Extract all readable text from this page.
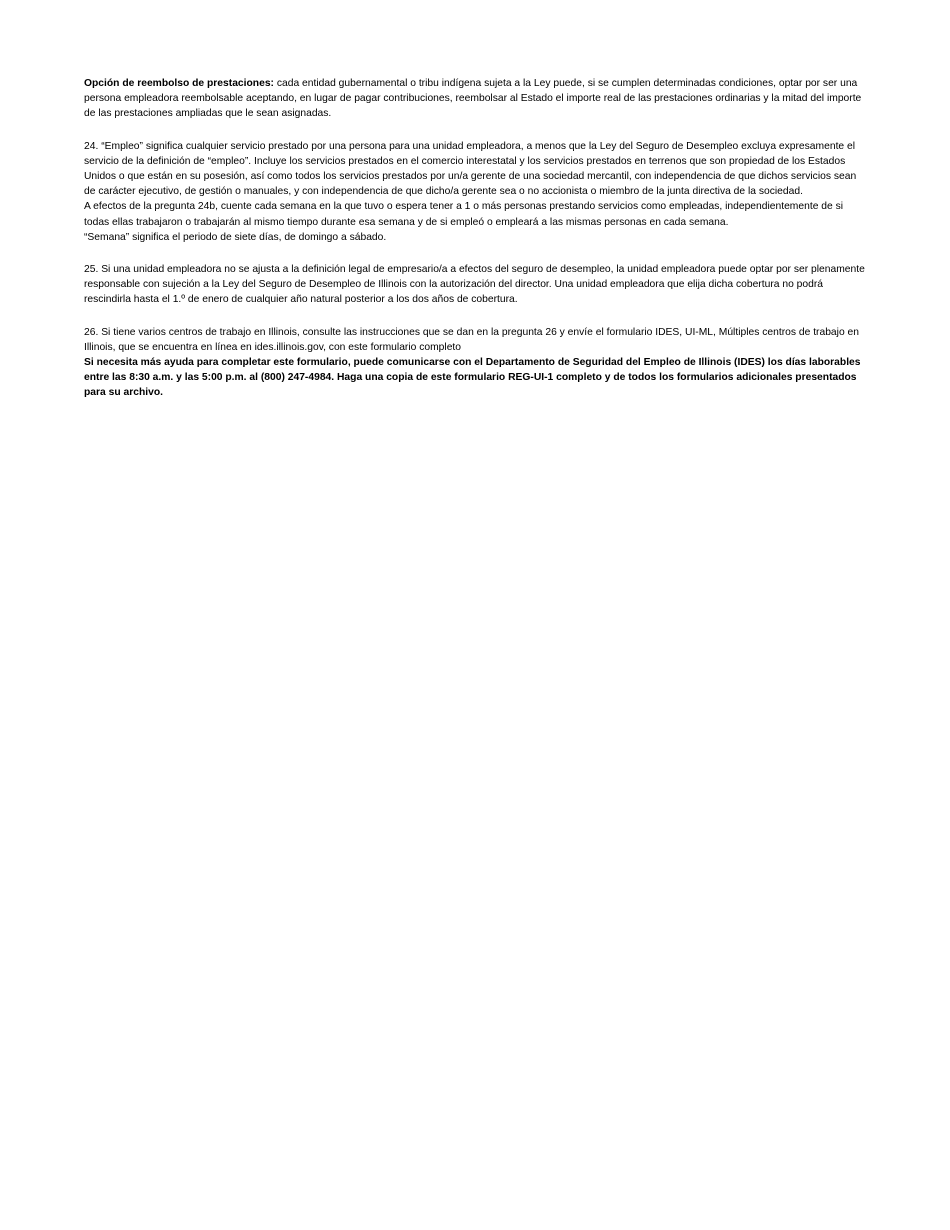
Opción de reembolso de prestaciones: cada entidad gubernamental o tribu indígena sujeta a la Ley puede, si se cumplen determinadas condiciones, optar por ser una persona empleadora reembolsable aceptando, en lugar de pagar contribuciones, reembolsar al Estado el importe real de las prestaciones ordinarias y la mitad del importe de las prestaciones ampliadas que le sean asignadas.

24. “Empleo” significa cualquier servicio prestado por una persona para una unidad empleadora, a menos que la Ley del Seguro de Desempleo excluya expresamente el servicio de la definición de “empleo”. Incluye los servicios prestados en el comercio interestatal y los servicios prestados en terrenos que son propiedad de los Estados Unidos o que están en su posesión, así como todos los servicios prestados por un/a gerente de una sociedad mercantil, con independencia de que dichos servicios sean de carácter ejecutivo, de gestión o manuales, y con independencia de que dicho/a gerente sea o no accionista o miembro de la junta directiva de la sociedad.

A efectos de la pregunta 24b, cuente cada semana en la que tuvo o espera tener a 1 o más personas prestando servicios como empleadas, independientemente de si todas ellas trabajaron o trabajarán al mismo tiempo durante esa semana y de si empleó o empleará a las mismas personas en cada semana.

“Semana” significa el periodo de siete días, de domingo a sábado.

25. Si una unidad empleadora no se ajusta a la definición legal de empresario/a a efectos del seguro de desempleo, la unidad empleadora puede optar por ser plenamente responsable con sujeción a la Ley del Seguro de Desempleo de Illinois con la autorización del director. Una unidad empleadora que elija dicha cobertura no podrá rescindirla hasta el 1.º de enero de cualquier año natural posterior a los dos años de cobertura.

26. Si tiene varios centros de trabajo en Illinois, consulte las instrucciones que se dan en la pregunta 26 y envíe el formulario IDES, UI-ML, Múltiples centros de trabajo en Illinois, que se encuentra en línea en ides.illinois.gov, con este formulario completo

Si necesita más ayuda para completar este formulario, puede comunicarse con el Departamento de Seguridad del Empleo de Illinois (IDES) los días laborables entre las 8:30 a.m. y las 5:00 p.m. al (800) 247-4984. Haga una copia de este formulario REG-UI-1 completo y de todos los formularios adicionales presentados para su archivo.
